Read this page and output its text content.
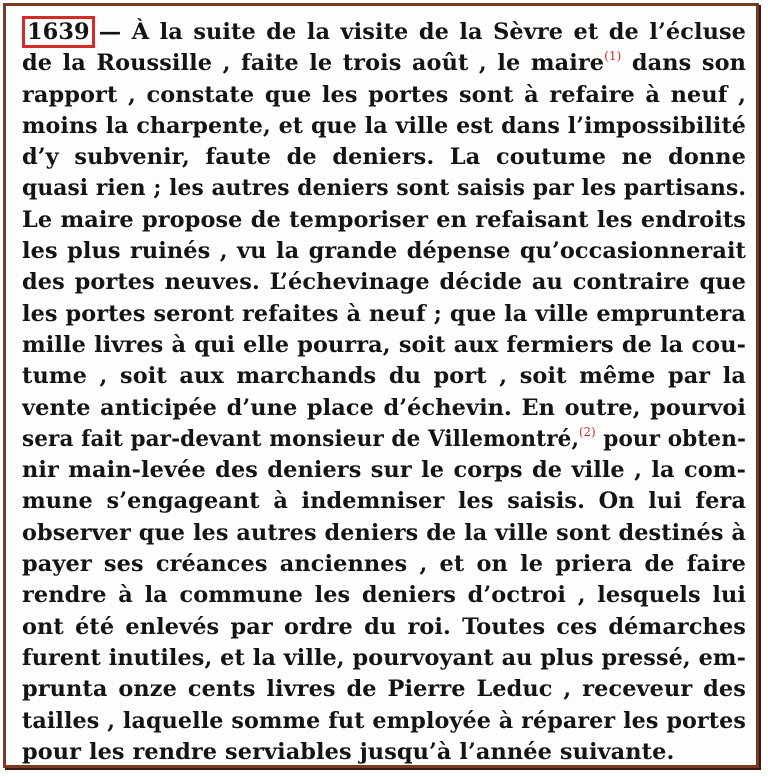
1639 — À la suite de la visite de la Sèvre et de l’écluse
de la Roussille , faite le trois août , le maire$^{(1)}$ dans son
rapport , constate que les portes sont à refaire à neuf ,
moins la charpente, et que la ville est dans l’impossibilité
d’y subvenir, faute de deniers. La coutume ne donne
quasi rien ; les autres deniers sont saisis par les partisans.
Le maire propose de temporiser en refaisant les endroits
les plus ruinés , vu la grande dépense qu’occasionnerait
des portes neuves. L’échevinage décide au contraire que
les portes seront refaites à neuf ; que la ville empruntera
mille livres à qui elle pourra, soit aux fermiers de la cou-
tume , soit aux marchands du port , soit même par la
vente anticipée d’une place d’échevin. En outre, pourvoi
sera fait par-devant monsieur de Villemontré,$^{(2)}$ pour obten-
nir main-levée des deniers sur le corps de ville , la com-
mune s’engageant à indemniser les saisis. On lui fera
observer que les autres deniers de la ville sont destinés à
payer ses créances anciennes , et on le priera de faire
rendre à la commune les deniers d’octroi , lesquels lui
ont été enlevés par ordre du roi. Toutes ces démarches
furent inutiles, et la ville, pourvoyant au plus pressé, em-
prunta onze cents livres de Pierre Leduc , receveur des
tailles , laquelle somme fut employée à réparer les portes
pour les rendre serviables jusqu’à l’année suivante.
